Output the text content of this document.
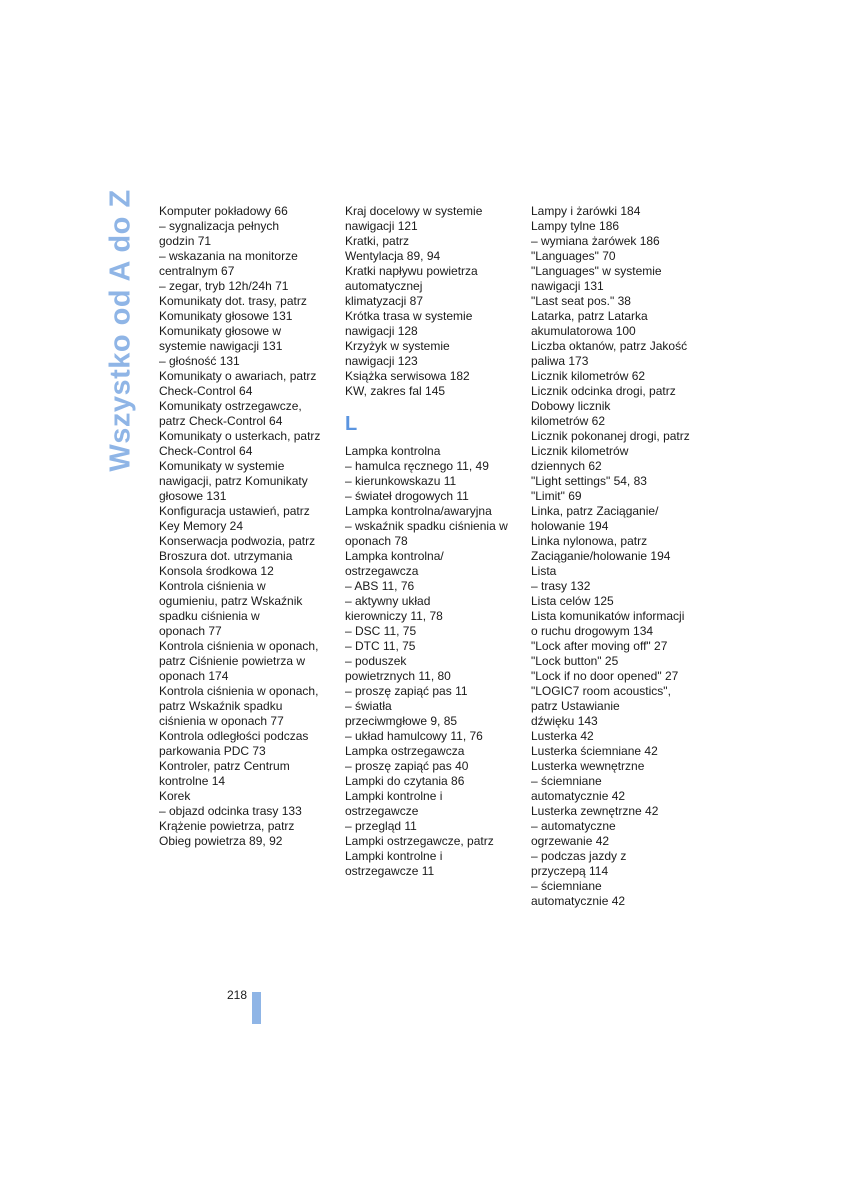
Wszystko od A do Z Komputer pokładowy 66
– sygnalizacja pełnych
godzin 71
– wskazania na monitorze
centralnym 67
– zegar, tryb 12h/24h 71
Komunikaty dot. trasy, patrz
Komunikaty głosowe 131
Komunikaty głosowe w
systemie nawigacji 131
– głośność 131
Komunikaty o awariach, patrz
Check-Control 64
Komunikaty ostrzegawcze,
patrz Check-Control 64
Komunikaty o usterkach, patrz
Check-Control 64
Komunikaty w systemie
nawigacji, patrz Komunikaty
głosowe 131
Konfiguracja ustawień, patrz
Key Memory 24
Konserwacja podwozia, patrz
Broszura dot. utrzymania
Konsola środkowa 12
Kontrola ciśnienia w
ogumieniu, patrz Wskaźnik
spadku ciśnienia w
oponach 77
Kontrola ciśnienia w oponach,
patrz Ciśnienie powietrza w
oponach 174
Kontrola ciśnienia w oponach,
patrz Wskaźnik spadku
ciśnienia w oponach 77
Kontrola odległości podczas
parkowania PDC 73
Kontroler, patrz Centrum
kontrolne 14
Korek
– objazd odcinka trasy 133
Krążenie powietrza, patrz
Obieg powietrza 89, 92
Kraj docelowy w systemie
nawigacji 121
Kratki, patrz
Wentylacja 89, 94
Kratki napływu powietrza
automatycznej
klimatyzacji 87
Krótka trasa w systemie
nawigacji 128
Krzyżyk w systemie
nawigacji 123
Książka serwisowa 182
KW, zakres fal 145
L
Lampka kontrolna
– hamulca ręcznego 11, 49
– kierunkowskazu 11
– świateł drogowych 11
Lampka kontrolna/awaryjna
– wskaźnik spadku ciśnienia w
oponach 78
Lampka kontrolna/
ostrzegawcza
– ABS 11, 76
– aktywny układ
kierowniczy 11, 78
– DSC 11, 75
– DTC 11, 75
– poduszek
powietrznych 11, 80
– proszę zapiąć pas 11
– światła
przeciwmgłowe 9, 85
– układ hamulcowy 11, 76
Lampka ostrzegawcza
– proszę zapiąć pas 40
Lampki do czytania 86
Lampki kontrolne i
ostrzegawcze
– przegląd 11
Lampki ostrzegawcze, patrz
Lampki kontrolne i
ostrzegawcze 11
Lampy i żarówki 184
Lampy tylne 186
– wymiana żarówek 186
"Languages" 70
"Languages" w systemie
nawigacji 131
"Last seat pos." 38
Latarka, patrz Latarka
akumulatorowa 100
Liczba oktanów, patrz Jakość
paliwa 173
Licznik kilometrów 62
Licznik odcinka drogi, patrz
Dobowy licznik
kilometrów 62
Licznik pokonanej drogi, patrz
Licznik kilometrów
dziennych 62
"Light settings" 54, 83
"Limit" 69
Linka, patrz Zaciąganie/
holowanie 194
Linka nylonowa, patrz
Zaciąganie/holowanie 194
Lista
– trasy 132
Lista celów 125
Lista komunikatów informacji
o ruchu drogowym 134
"Lock after moving off" 27
"Lock button" 25
"Lock if no door opened" 27
"LOGIC7 room acoustics",
patrz Ustawianie
dźwięku 143
Lusterka 42
Lusterka ściemniane 42
Lusterka wewnętrzne
– ściemniane
automatycznie 42
Lusterka zewnętrzne 42
– automatyczne
ogrzewanie 42
– podczas jazdy z
przyczepą 114
– ściemniane
automatycznie 42
218
